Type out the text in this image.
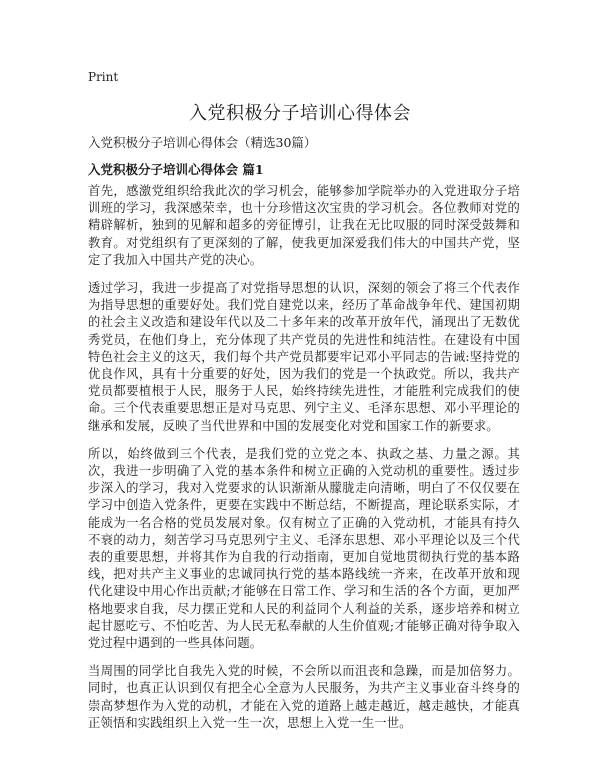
Print
入党积极分子培训心得体会

入党积极分子培训心得体会（精选30篇）

入党积极分子培训心得体会 篇1

首先，感激党组织给我此次的学习机会，能够参加学院举办的入党进取分子培训班的学习，我深感荣幸，也十分珍惜这次宝贵的学习机会。各位教师对党的精辟解析，独到的见解和超多的旁征博引，让我在无比叹服的同时深受鼓舞和教育。对党组织有了更深刻的了解，使我更加深爱我们伟大的中国共产党，坚定了我加入中国共产党的决心。

透过学习，我进一步提高了对党指导思想的认识，深刻的领会了将三个代表作为指导思想的重要好处。我们党自建党以来，经历了革命战争年代、建国初期的社会主义改造和建设年代以及二十多年来的改革开放年代，涌现出了无数优秀党员，在他们身上，充分体现了共产党员的先进性和纯洁性。在建设有中国特色社会主义的这天，我们每个共产党员都要牢记邓小平同志的告诫:坚持党的优良作风，具有十分重要的好处，因为我们的党是一个执政党。所以，我共产党员都要植根于人民，服务于人民，始终持续先进性，才能胜利完成我们的使命。三个代表重要思想正是对马克思、列宁主义、毛泽东思想、邓小平理论的继承和发展，反映了当代世界和中国的发展变化对党和国家工作的新要求。

所以，始终做到三个代表，是我们党的立党之本、执政之基、力量之源。其次，我进一步明确了入党的基本条件和树立正确的入党动机的重要性。透过步步深入的学习，我对入党要求的认识渐渐从朦胧走向清晰，明白了不仅仅要在学习中创造入党条件，更要在实践中不断总结，不断提高，理论联系实际，才能成为一名合格的党员发展对象。仅有树立了正确的入党动机，才能具有持久不衰的动力，刻苦学习马克思列宁主义、毛泽东思想、邓小平理论以及三个代表的重要思想，并将其作为自我的行动指南，更加自觉地贯彻执行党的基本路线，把对共产主义事业的忠诚同执行党的基本路线统一齐来，在改革开放和现代化建设中用心作出贡献;才能够在日常工作、学习和生活的各个方面，更加严格地要求自我，尽力摆正党和人民的利益同个人利益的关系，逐步培养和树立起甘愿吃亏、不怕吃苦、为人民无私奉献的人生价值观;才能够正确对待争取入党过程中遇到的一些具体问题。

当周围的同学比自我先入党的时候，不会所以而沮丧和急躁，而是加倍努力。同时，也真正认识到仅有把全心全意为人民服务，为共产主义事业奋斗终身的崇高梦想作为入党的动机，才能在入党的道路上越走越近，越走越快，才能真正领悟和实践组织上入党一生一次，思想上入党一生一世。
